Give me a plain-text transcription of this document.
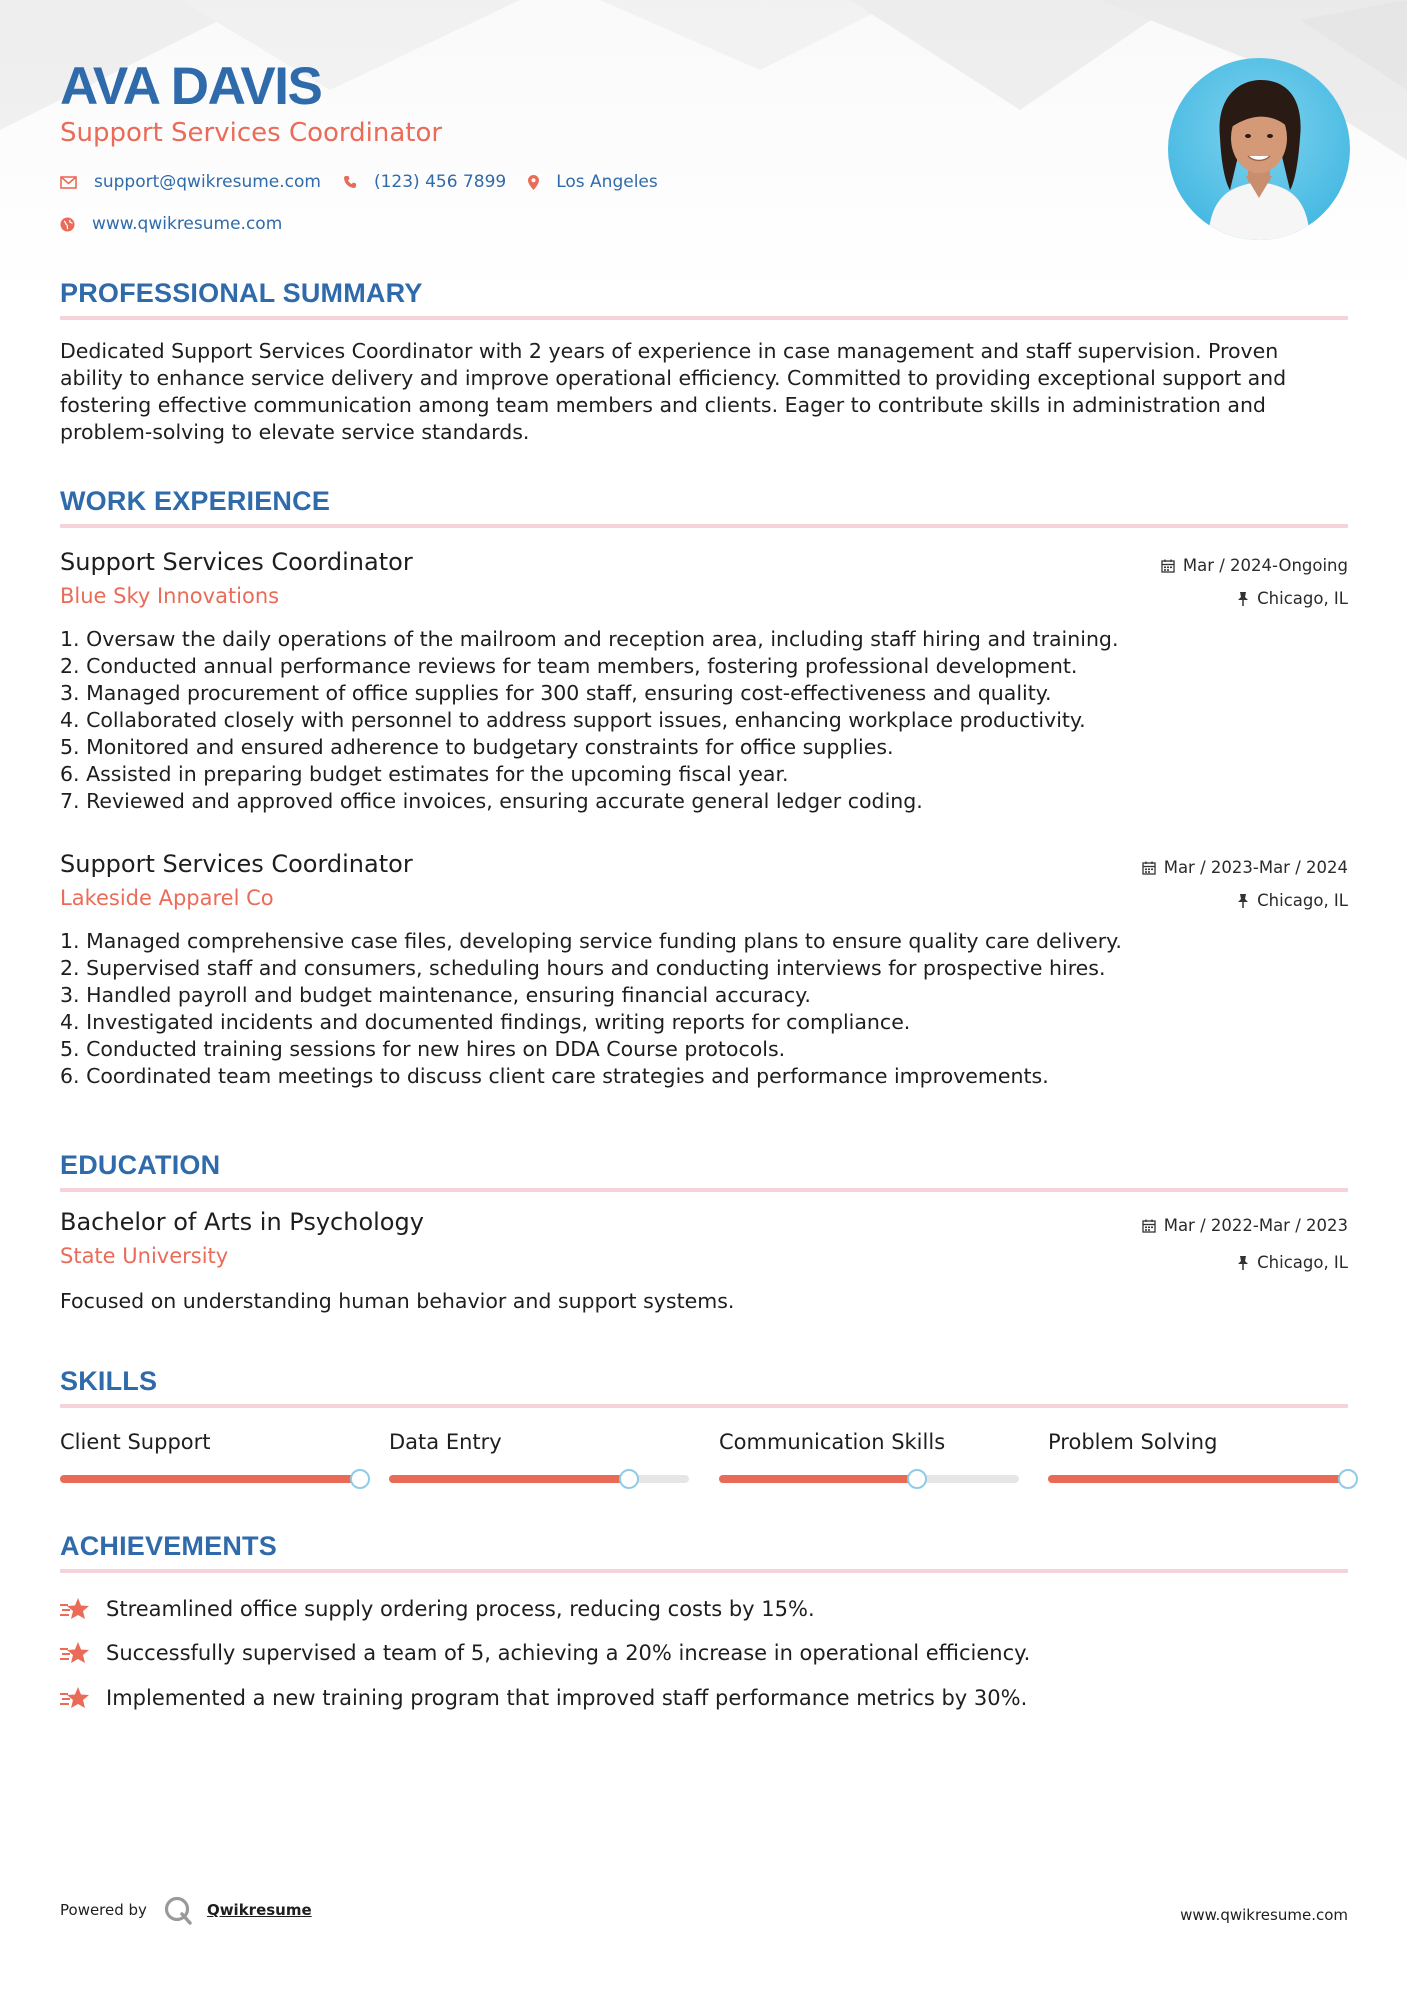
AVA DAVIS
Support Services Coordinator
support@qwikresume.com	(123) 456 7899	Los Angeles
www.qwikresume.com
PROFESSIONAL SUMMARY
Dedicated Support Services Coordinator with 2 years of experience in case management and staff supervision. Proven
ability to enhance service delivery and improve operational efficiency. Committed to providing exceptional support and
fostering effective communication among team members and clients. Eager to contribute skills in administration and
problem-solving to elevate service standards.
WORK EXPERIENCE
Support Services Coordinator
Blue Sky Innovations
Mar / 2024-Ongoing
Chicago, IL
1. Oversaw the daily operations of the mailroom and reception area, including staff hiring and training.
2. Conducted annual performance reviews for team members, fostering professional development.
3. Managed procurement of office supplies for 300 staff, ensuring cost-effectiveness and quality.
4. Collaborated closely with personnel to address support issues, enhancing workplace productivity.
5. Monitored and ensured adherence to budgetary constraints for office supplies.
6. Assisted in preparing budget estimates for the upcoming fiscal year.
7. Reviewed and approved office invoices, ensuring accurate general ledger coding.
Support Services Coordinator
Lakeside Apparel Co
Mar / 2023-Mar / 2024
Chicago, IL
1. Managed comprehensive case files, developing service funding plans to ensure quality care delivery.
2. Supervised staff and consumers, scheduling hours and conducting interviews for prospective hires.
3. Handled payroll and budget maintenance, ensuring financial accuracy.
4. Investigated incidents and documented findings, writing reports for compliance.
5. Conducted training sessions for new hires on DDA Course protocols.
6. Coordinated team meetings to discuss client care strategies and performance improvements.
EDUCATION
Bachelor of Arts in Psychology
State University
Mar / 2022-Mar / 2023
Chicago, IL
Focused on understanding human behavior and support systems.
SKILLS
Client Support	Data Entry	Communication Skills	Problem Solving
ACHIEVEMENTS
Streamlined office supply ordering process, reducing costs by 15%.
Successfully supervised a team of 5, achieving a 20% increase in operational efficiency.
Implemented a new training program that improved staff performance metrics by 30%.
Powered by	Qwikresume	www.qwikresume.com
